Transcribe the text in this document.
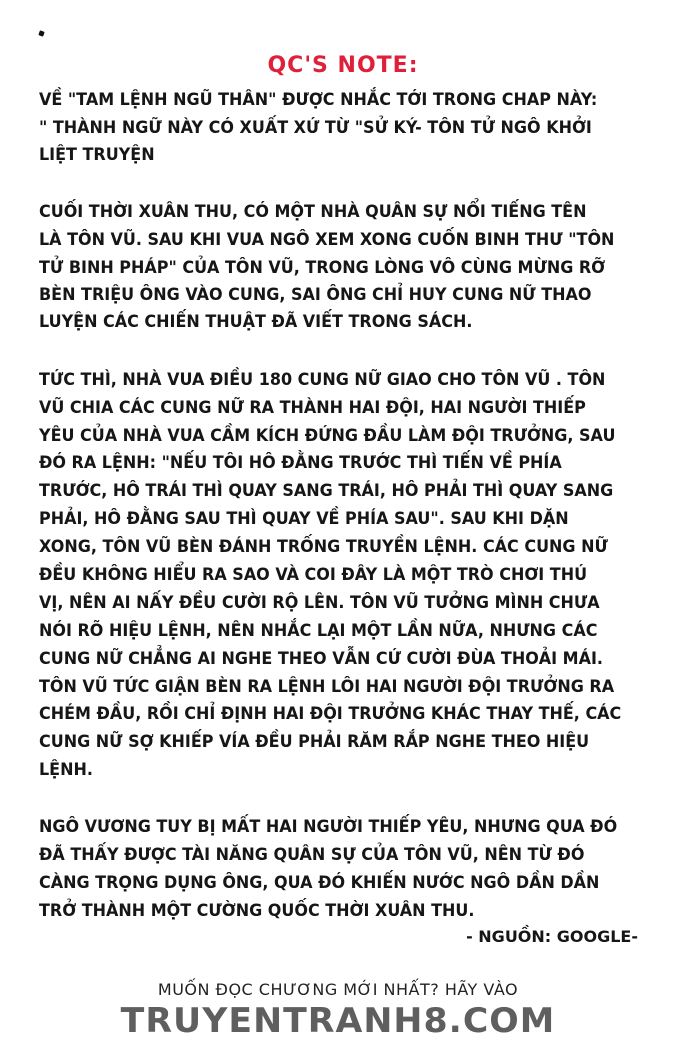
QC'S NOTE:
VỀ "TAM LỆNH NGŨ THÂN" ĐƯỢC NHẮC TỚI TRONG CHAP NÀY:
" THÀNH NGỮ NÀY CÓ XUẤT XỨ TỪ "SỬ KÝ- TÔN TỬ NGÔ KHỞI
LIỆT TRUYỆN
CUỐI THỜI XUÂN THU, CÓ MỘT NHÀ QUÂN SỰ NỔI TIẾNG TÊN
LÀ TÔN VŨ. SAU KHI VUA NGÔ XEM XONG CUỐN BINH THƯ "TÔN
TỬ BINH PHÁP" CỦA TÔN VŨ, TRONG LÒNG VÔ CÙNG MỪNG RỠ
BÈN TRIỆU ÔNG VÀO CUNG, SAI ÔNG CHỈ HUY CUNG NỮ THAO
LUYỆN CÁC CHIẾN THUẬT ĐÃ VIẾT TRONG SÁCH.
TỨC THÌ, NHÀ VUA ĐIỀU 180 CUNG NỮ GIAO CHO TÔN VŨ . TÔN
VŨ CHIA CÁC CUNG NỮ RA THÀNH HAI ĐỘI, HAI NGƯỜI THIẾP
YÊU CỦA NHÀ VUA CẦM KÍCH ĐỨNG ĐẦU LÀM ĐỘI TRƯỞNG, SAU
ĐÓ RA LỆNH: "NẾU TÔI HÔ ĐẰNG TRƯỚC THÌ TIẾN VỀ PHÍA
TRƯỚC, HÔ TRÁI THÌ QUAY SANG TRÁI, HÔ PHẢI THÌ QUAY SANG
PHẢI, HÔ ĐẰNG SAU THÌ QUAY VỀ PHÍA SAU". SAU KHI DẶN
XONG, TÔN VŨ BÈN ĐÁNH TRỐNG TRUYỀN LỆNH. CÁC CUNG NỮ
ĐỀU KHÔNG HIỂU RA SAO VÀ COI ĐÂY LÀ MỘT TRÒ CHƠI THÚ
VỊ, NÊN AI NẤY ĐỀU CƯỜI RỘ LÊN. TÔN VŨ TƯỞNG MÌNH CHƯA
NÓI RÕ HIỆU LỆNH, NÊN NHẮC LẠI MỘT LẦN NỮA, NHƯNG CÁC
CUNG NỮ CHẲNG AI NGHE THEO VẪN CỨ CƯỜI ĐÙA THOẢI MÁI.
TÔN VŨ TỨC GIẬN BÈN RA LỆNH LÔI HAI NGƯỜI ĐỘI TRƯỞNG RA
CHÉM ĐẦU, RỒI CHỈ ĐỊNH HAI ĐỘI TRƯỞNG KHÁC THAY THẾ, CÁC
CUNG NỮ SỢ KHIẾP VÍA ĐỀU PHẢI RĂM RẮP NGHE THEO HIỆU
LỆNH.
NGÔ VƯƠNG TUY BỊ MẤT HAI NGƯỜI THIẾP YÊU, NHƯNG QUA ĐÓ
ĐÃ THẤY ĐƯỢC TÀI NĂNG QUÂN SỰ CỦA TÔN VŨ, NÊN TỪ ĐÓ
CÀNG TRỌNG DỤNG ÔNG, QUA ĐÓ KHIẾN NƯỚC NGÔ DẦN DẦN
TRỞ THÀNH MỘT CƯỜNG QUỐC THỜI XUÂN THU.
- NGUỒN: GOOGLE-
MUỐN ĐỌC CHƯƠNG MỚI NHẤT? HÃY VÀO
TRUYENTRANH8.COM
